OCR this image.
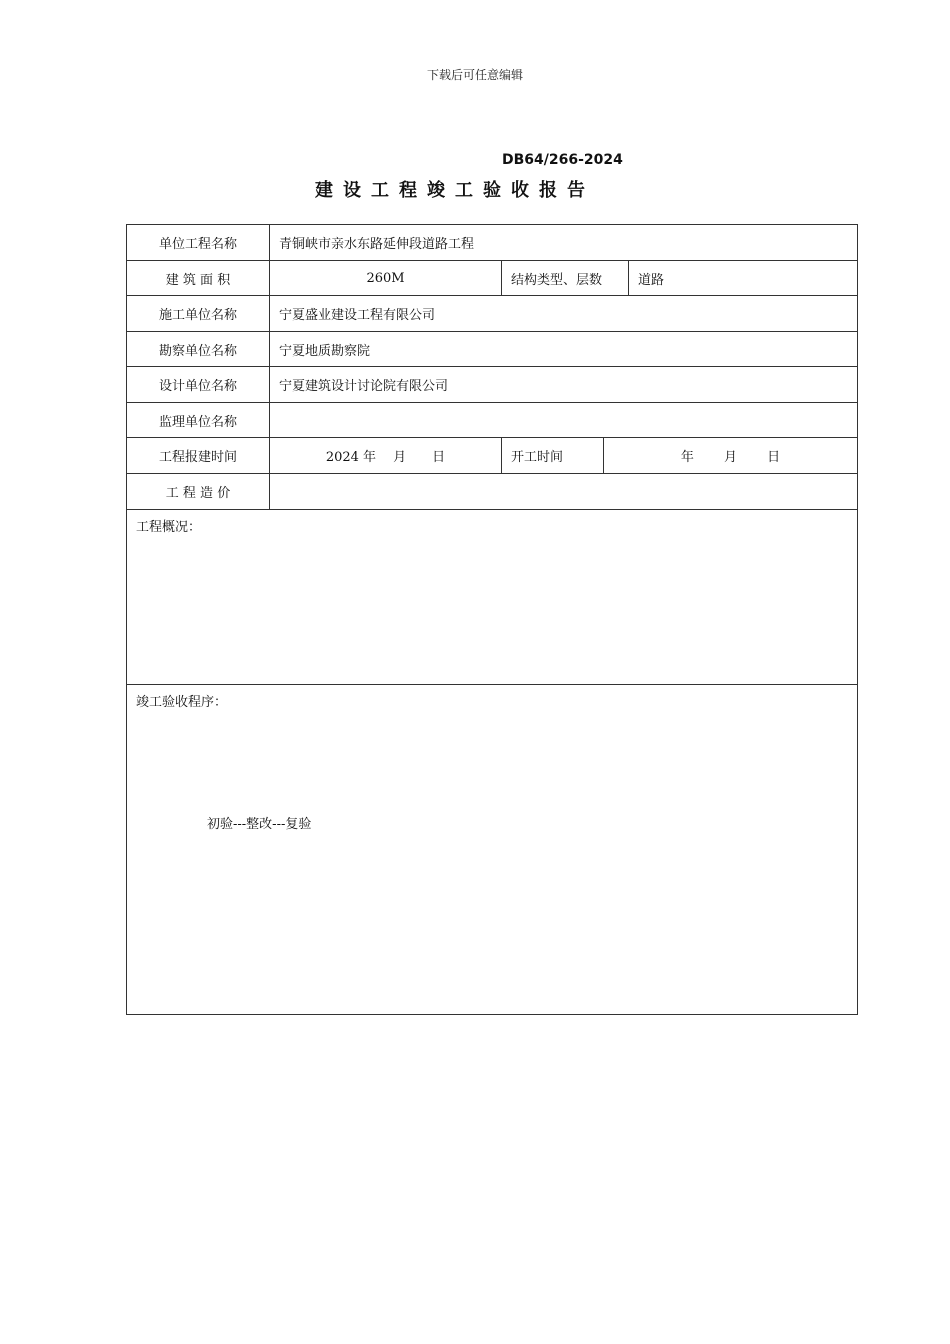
下载后可任意编辑
DB64/266-2024
建设工程竣工验收报告
单位工程名称	青铜峡市亲水东路延伸段道路工程			
建 筑 面 积	260M	结构类型、层数		道路
施工单位名称	宁夏盛业建设工程有限公司			
勘察单位名称	宁夏地质勘察院			
设计单位名称	宁夏建筑设计讨论院有限公司			
监理单位名称				
工程报建时间	2024 年　 月　　日	开工时间	年　　 月　　 日	
工 程 造 价				
工程概况：				
竣工验收程序：
初验---整改---复验				
